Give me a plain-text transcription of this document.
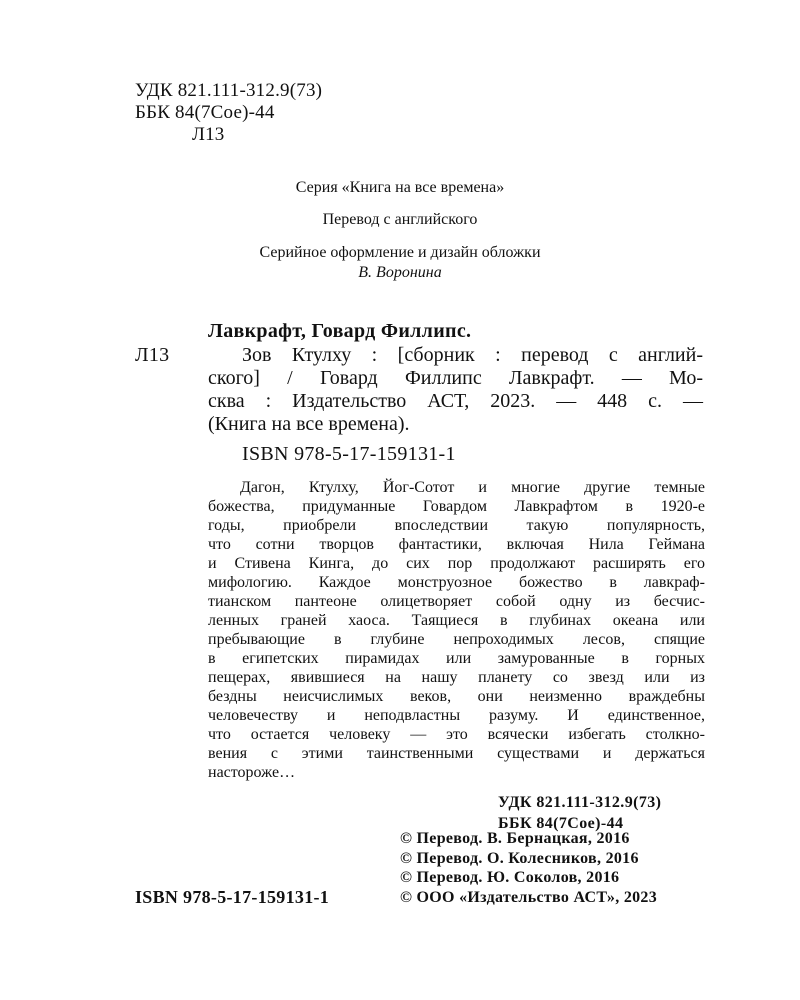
УДК 821.111-312.9(73)
ББК 84(7Сое)-44
Л13
Серия «Книга на все времена»
Перевод с английского
Серийное оформление и дизайн обложки
В. Воронина
Лавкрафт, Говард Филлипс.
Л13	Зов Ктулху : [сборник : перевод с англий-
ского] / Говард Филлипс Лавкрафт. — Мо-
сква : Издательство АСТ, 2023. — 448 с. —
(Книга на все времена).
ISBN 978-5-17-159131-1
Дагон, Ктулху, Йог-Сотот и многие другие темные
божества, придуманные Говардом Лавкрафтом в 1920-е
годы, приобрели впоследствии такую популярность,
что сотни творцов фантастики, включая Нила Геймана
и Стивена Кинга, до сих пор продолжают расширять его
мифологию. Каждое монструозное божество в лавкраф-
тианском пантеоне олицетворяет собой одну из бесчис-
ленных граней хаоса. Таящиеся в глубинах океана или
пребывающие в глубине непроходимых лесов, спящие
в египетских пирамидах или замурованные в горных
пещерах, явившиеся на нашу планету со звезд или из
бездны неисчислимых веков, они неизменно враждебны
человечеству и неподвластны разуму. И единственное,
что остается человеку — это всячески избегать столкно-
вения с этими таинственными существами и держаться
настороже…
УДК 821.111-312.9(73)
ББК 84(7Сое)-44
© Перевод. В. Бернацкая, 2016
© Перевод. О. Колесников, 2016
© Перевод. Ю. Соколов, 2016
© ООО «Издательство АСТ», 2023
ISBN 978-5-17-159131-1
